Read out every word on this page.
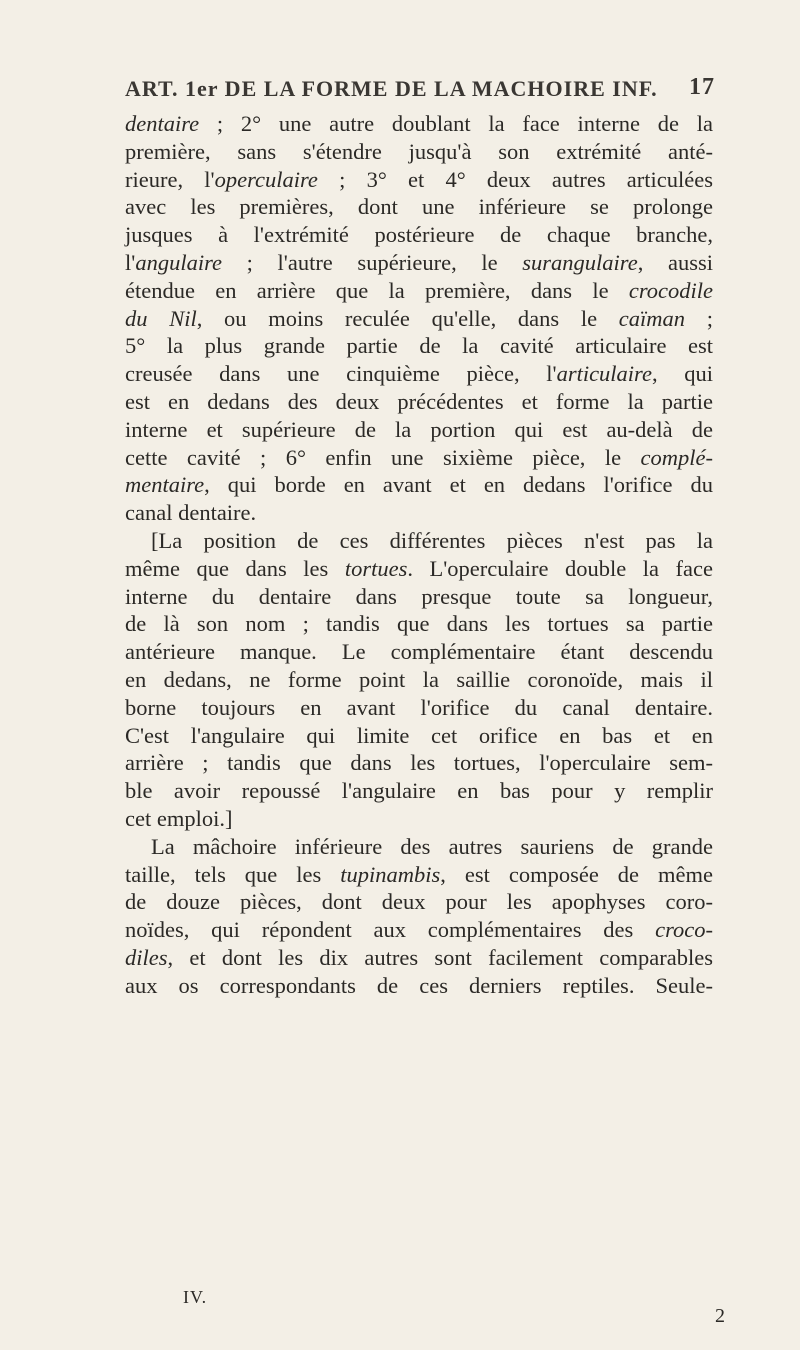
ART. 1er DE LA FORME DE LA MACHOIRE INF. 17

dentaire ; 2° une autre doublant la face interne de la
première, sans s'étendre jusqu'à son extrémité anté-
rieure, l'operculaire ; 3° et 4° deux autres articulées
avec les premières, dont une inférieure se prolonge
jusques à l'extrémité postérieure de chaque branche,
l'angulaire ; l'autre supérieure, le surangulaire, aussi
étendue en arrière que la première, dans le crocodile
du Nil, ou moins reculée qu'elle, dans le caïman ;
5° la plus grande partie de la cavité articulaire est
creusée dans une cinquième pièce, l'articulaire, qui
est en dedans des deux précédentes et forme la partie
interne et supérieure de la portion qui est au-delà de
cette cavité ; 6° enfin une sixième pièce, le complé-
mentaire, qui borde en avant et en dedans l'orifice du
canal dentaire.

[La position de ces différentes pièces n'est pas la
même que dans les tortues. L'operculaire double la face
interne du dentaire dans presque toute sa longueur,
de là son nom ; tandis que dans les tortues sa partie
antérieure manque. Le complémentaire étant descendu
en dedans, ne forme point la saillie coronoïde, mais il
borne toujours en avant l'orifice du canal dentaire.
C'est l'angulaire qui limite cet orifice en bas et en
arrière ; tandis que dans les tortues, l'operculaire sem-
ble avoir repoussé l'angulaire en bas pour y remplir
cet emploi.]

La mâchoire inférieure des autres sauriens de grande
taille, tels que les tupinambis, est composée de même
de douze pièces, dont deux pour les apophyses coro-
noïdes, qui répondent aux complémentaires des croco-
diles, et dont les dix autres sont facilement comparables
aux os correspondants de ces derniers reptiles. Seule-

IV.
2
